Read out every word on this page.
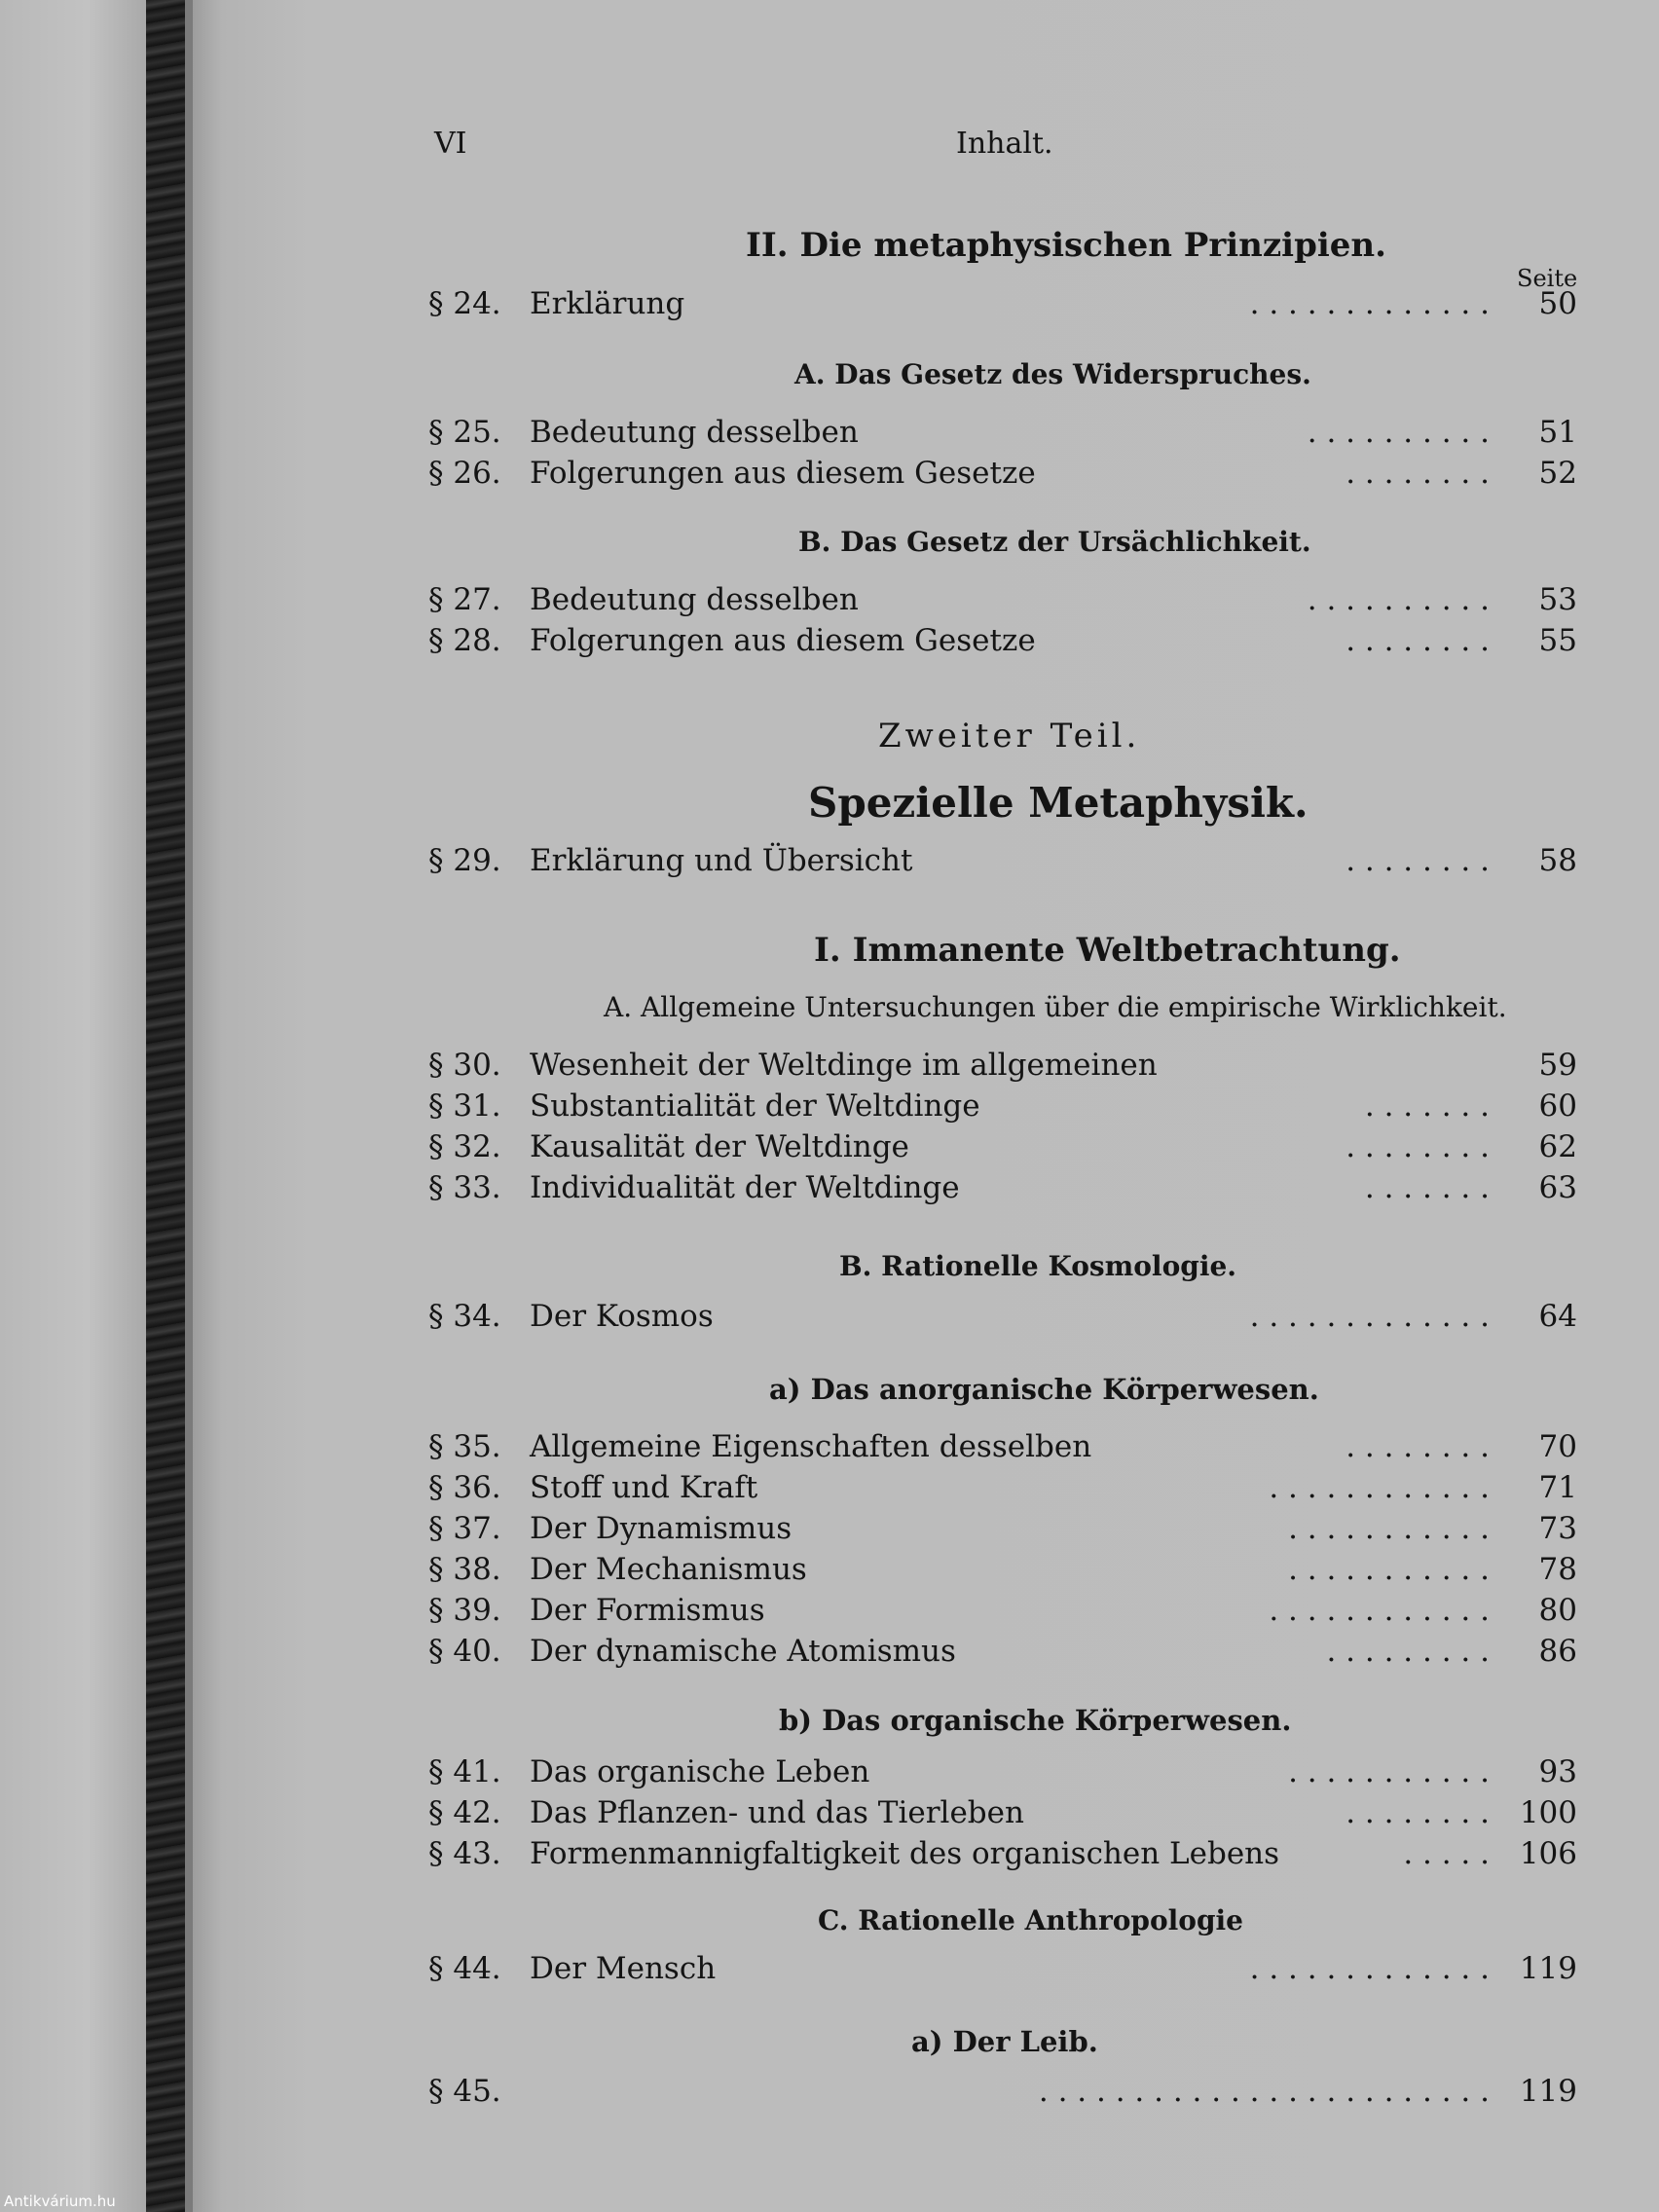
VI	Inhalt.
II. Die metaphysischen Prinzipien.
Seite
§ 24. Erklärung	. . . . . . . . . . . . . 50
A. Das Gesetz des Widerspruches.
§ 25. Bedeutung desselben	. . . . . . . . . . 51
§ 26. Folgerungen aus diesem Gesetze	. . . . . . . . 52
B. Das Gesetz der Ursächlichkeit.
§ 27. Bedeutung desselben	. . . . . . . . . . 53
§ 28. Folgerungen aus diesem Gesetze	. . . . . . . . 55
Zweiter Teil.
Spezielle Metaphysik.
§ 29. Erklärung und Übersicht	. . . . . . . . 58
I. Immanente Weltbetrachtung.
A. Allgemeine Untersuchungen über die empirische Wirklichkeit.
§ 30. Wesenheit der Weltdinge im allgemeinen	59
§ 31. Substantialität der Weltdinge	. . . . . . . 60
§ 32. Kausalität der Weltdinge	. . . . . . . . 62
§ 33. Individualität der Weltdinge	. . . . . . . 63
B. Rationelle Kosmologie.
§ 34. Der Kosmos	. . . . . . . . . . . . . 64
a) Das anorganische Körperwesen.
§ 35. Allgemeine Eigenschaften desselben	. . . . . . . . 70
§ 36. Stoff und Kraft	. . . . . . . . . . . . 71
§ 37. Der Dynamismus	. . . . . . . . . . . 73
§ 38. Der Mechanismus	. . . . . . . . . . . 78
§ 39. Der Formismus	. . . . . . . . . . . . 80
§ 40. Der dynamische Atomismus	. . . . . . . . . 86
b) Das organische Körperwesen.
§ 41. Das organische Leben	. . . . . . . . . . . 93
§ 42. Das Pflanzen- und das Tierleben	. . . . . . . . 100
§ 43. Formenmannigfaltigkeit des organischen Lebens	. . . . . 106
C. Rationelle Anthropologie
§ 44. Der Mensch	. . . . . . . . . . . . . 119
a) Der Leib.
§ 45.	. . . . . . . . . . . . . . . . . . . . . . . . 119
Antikvárium.hu
